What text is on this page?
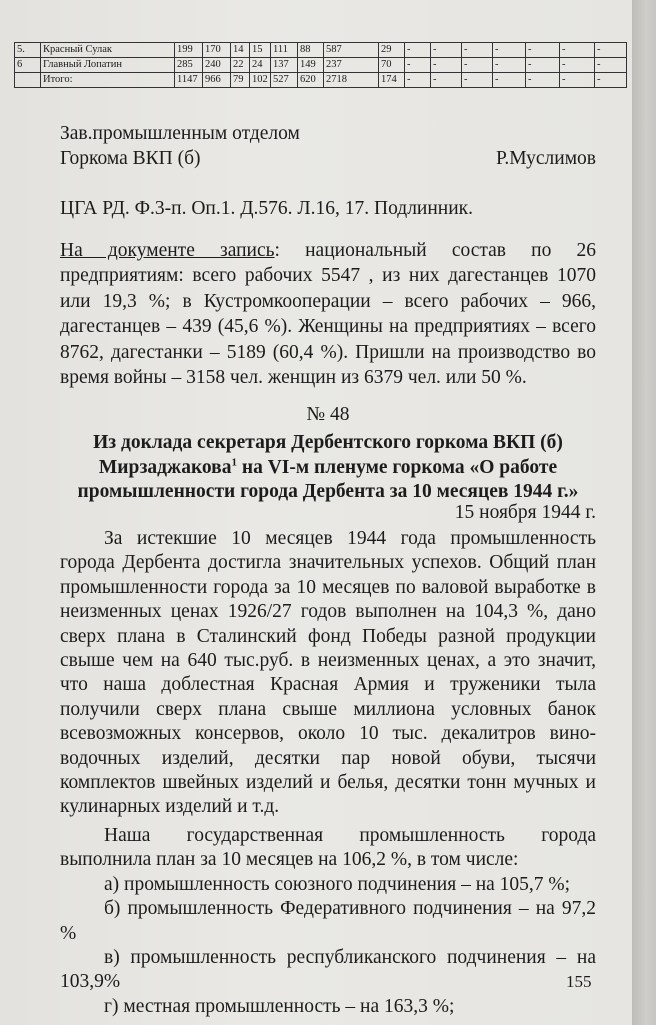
5.	Красный Сулак	199	170	14	15	111	88	587	29	-	-	-	-	-	-	-
6	Главный Лопатин	285	240	22	24	137	149	237	70	-	-	-	-	-	-	-
	Итого:	1147	966	79	102	527	620	2718	174	-	-	-	-	-	-	-
Зав.промышленным отделом
Горкома ВКП (б)	Р.Муслимов
ЦГА РД. Ф.3-п. Оп.1. Д.576. Л.16, 17. Подлинник.

На документе запись: национальный состав по 26 предприятиям: всего рабочих 5547 , из них дагестанцев 1070 или 19,3 %; в Кустромкооперации – всего рабочих – 966, дагестанцев – 439 (45,6 %). Женщины на предприятиях – всего 8762, дагестанки – 5189 (60,4 %). Пришли на производство во время войны – 3158 чел. женщин из 6379 чел. или 50 %.

№ 48
Из доклада секретаря Дербентского горкома ВКП (б) Мирзаджакова$^1$ на VI-м пленуме горкома «О работе промышленности города Дербента за 10 месяцев 1944 г.»
15 ноября 1944 г.

За истекшие 10 месяцев 1944 года промышленность города Дербента достигла значительных успехов. Общий план промышленности города за 10 месяцев по валовой выработке в неизменных ценах 1926/27 годов выполнен на 104,3 %, дано сверх плана в Сталинский фонд Победы разной продукции свыше чем на 640 тыс.руб. в неизменных ценах, а это значит, что наша доблестная Красная Армия и труженики тыла получили сверх плана свыше миллиона условных банок всевозможных консервов, около 10 тыс. декалитров вино-водочных изделий, десятки пар новой обуви, тысячи комплектов швейных изделий и белья, десятки тонн мучных и кулинарных изделий и т.д.

Наша государственная промышленность города выполнила план за 10 месяцев на 106,2 %, в том числе:

а) промышленность союзного подчинения – на 105,7 %;

б) промышленность Федеративного подчинения – на 97,2 %

в) промышленность республиканского подчинения – на 103,9%

г) местная промышленность – на 163,3 %;

155
